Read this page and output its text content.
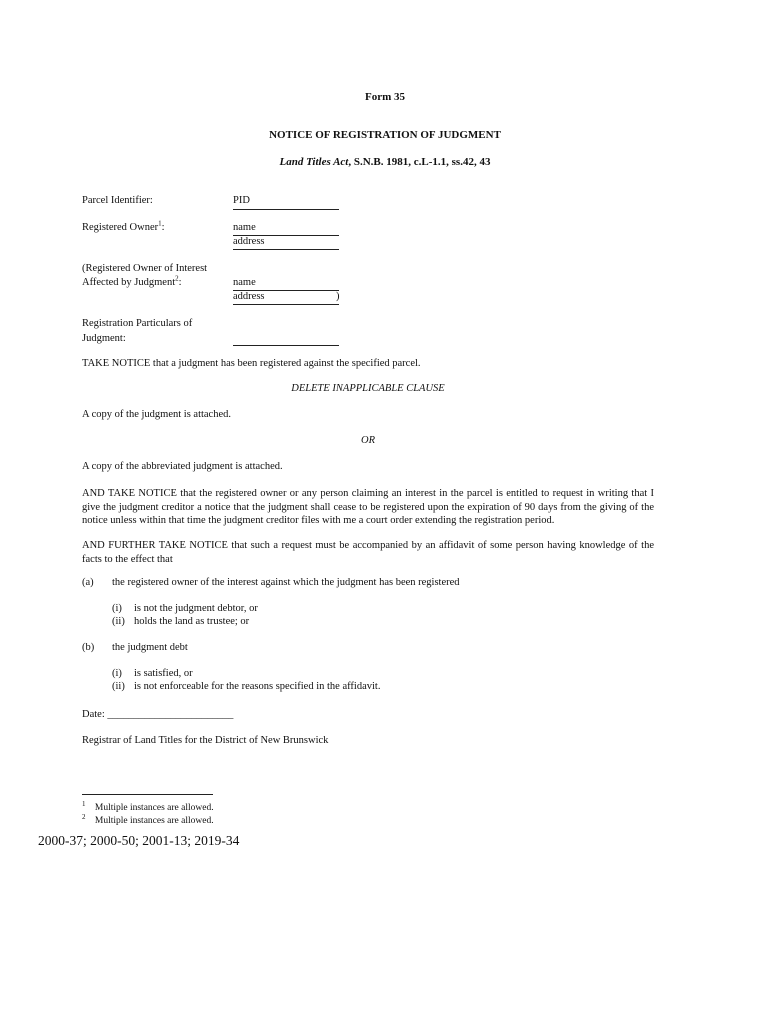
Form 35
NOTICE OF REGISTRATION OF JUDGMENT
Land Titles Act, S.N.B. 1981, c.L-1.1, ss.42, 43
Parcel Identifier:	PID
Registered Owner$^1$:	name
address
(Registered Owner of Interest
Affected by Judgment$^2$:	name
address	)
Registration Particulars of
Judgment:
TAKE NOTICE that a judgment has been registered against the specified parcel.
DELETE INAPPLICABLE CLAUSE
A copy of the judgment is attached.
OR
A copy of the abbreviated judgment is attached.
AND TAKE NOTICE that the registered owner or any person claiming an interest in the parcel is entitled to request in writing that I give the judgment creditor a notice that the judgment shall cease to be registered upon the expiration of 90 days from the giving of the notice unless within that time the judgment creditor files with me a court order extending the registration period.
AND FURTHER TAKE NOTICE that such a request must be accompanied by an affidavit of some person having knowledge of the facts to the effect that
(a) the registered owner of the interest against which the judgment has been registered
(i) is not the judgment debtor, or
(ii) holds the land as trustee; or
(b) the judgment debt
(i) is satisfied, or
(ii) is not enforceable for the reasons specified in the affidavit.
Date: ________________________
Registrar of Land Titles for the District of New Brunswick
$^1$ Multiple instances are allowed.
$^2$ Multiple instances are allowed.
2000-37; 2000-50; 2001-13; 2019-34
